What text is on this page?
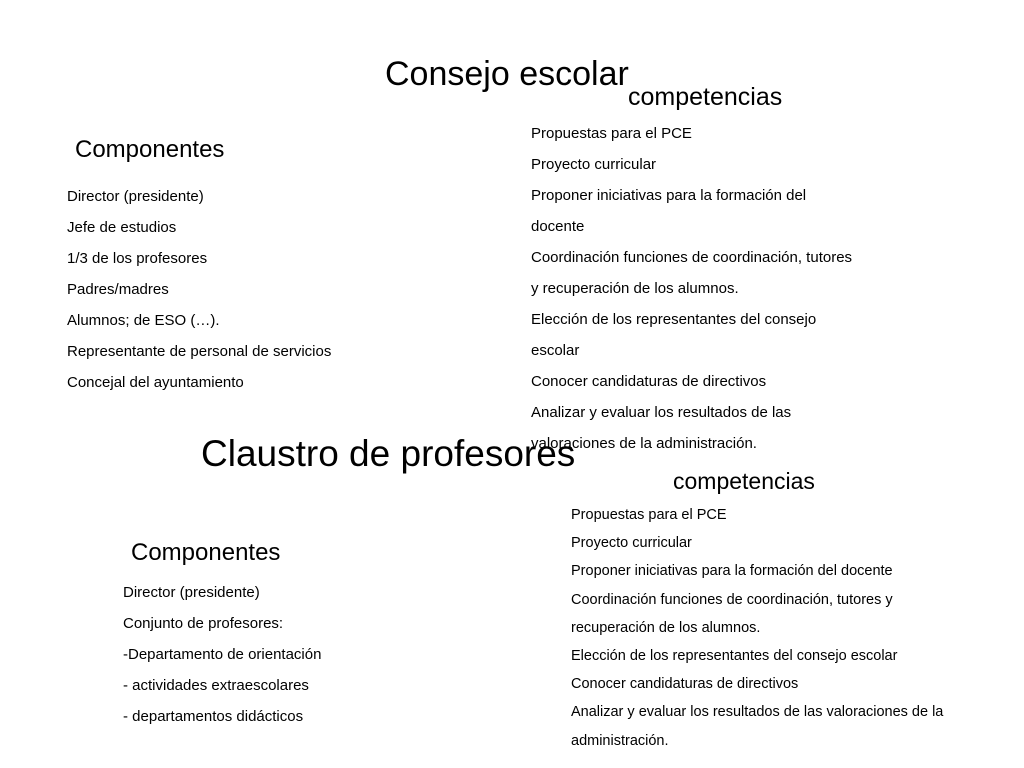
Consejo escolar
competencias
Propuestas para el PCE
Proyecto curricular
Proponer iniciativas para la formación del
docente
Coordinación funciones de coordinación, tutores
y recuperación de los alumnos.
Elección de los representantes del consejo
escolar
Conocer candidaturas de directivos
Analizar y evaluar los resultados de las
valoraciones de la administración.
Componentes
Director (presidente)
Jefe de estudios
1/3 de los profesores
Padres/madres
Alumnos; de ESO (…).
Representante de personal de servicios
Concejal del ayuntamiento
Claustro de profesores
competencias
Propuestas para el PCE
Proyecto curricular
Proponer iniciativas para la formación del docente
Coordinación funciones de coordinación, tutores y
recuperación de los alumnos.
Elección de los representantes del consejo escolar
Conocer candidaturas de directivos
Analizar y evaluar los resultados de las valoraciones de la
administración.
Componentes
Director (presidente)
Conjunto de profesores:
-Departamento de orientación
- actividades extraescolares
- departamentos didácticos
